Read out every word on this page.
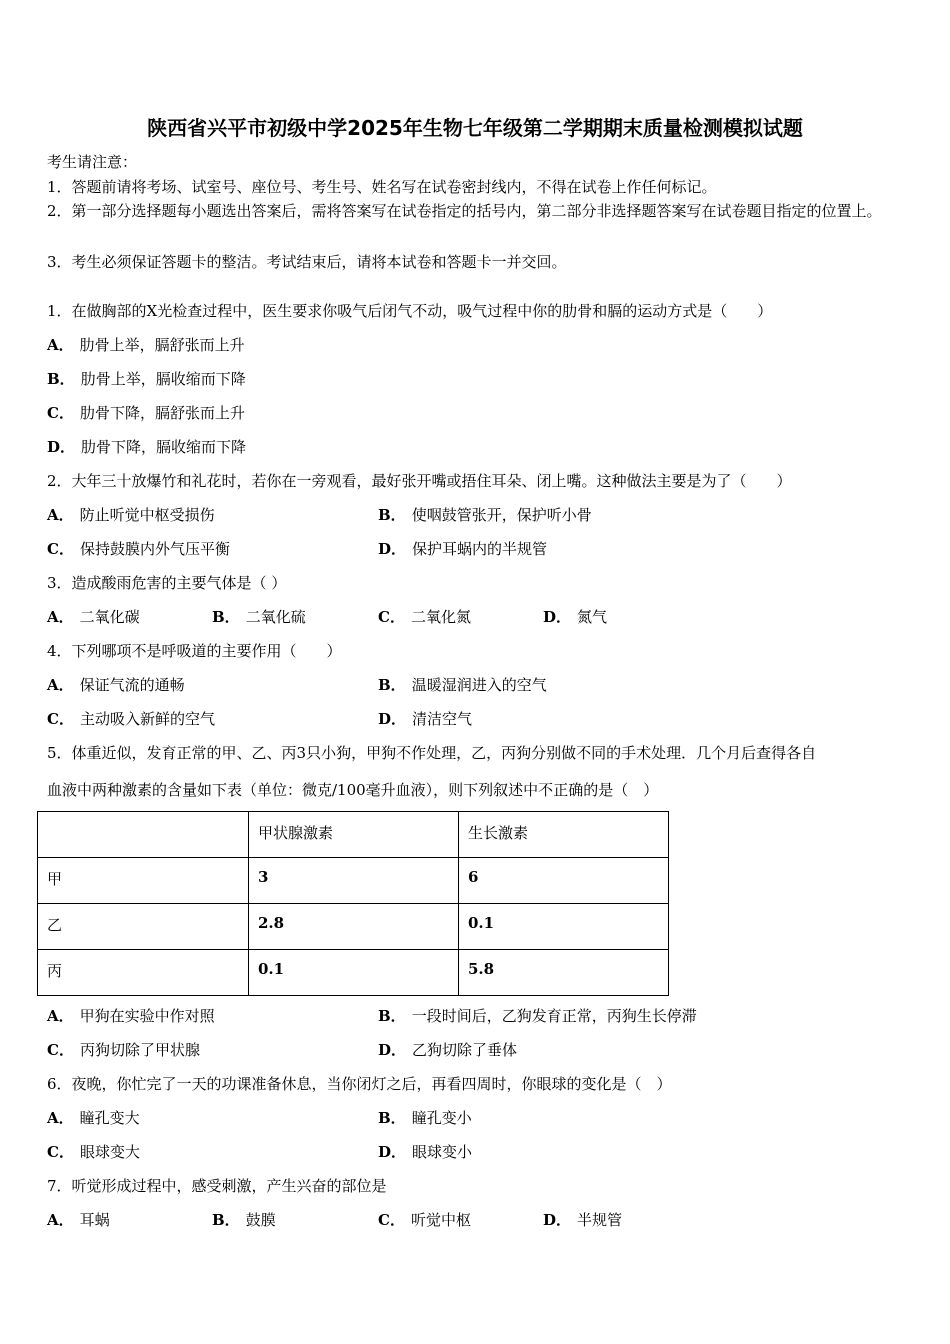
陕西省兴平市初级中学2025年生物七年级第二学期期末质量检测模拟试题
考生请注意：
1．答题前请将考场、试室号、座位号、考生号、姓名写在试卷密封线内，不得在试卷上作任何标记。
2．第一部分选择题每小题选出答案后，需将答案写在试卷指定的括号内，第二部分非选择题答案写在试卷题目指定的位置上。
3．考生必须保证答题卡的整洁。考试结束后，请将本试卷和答题卡一并交回。
1．在做胸部的X光检查过程中，医生要求你吸气后闭气不动，吸气过程中你的肋骨和膈的运动方式是（　　）
A． 肋骨上举，膈舒张而上升
B． 肋骨上举，膈收缩而下降
C． 肋骨下降，膈舒张而上升
D． 肋骨下降，膈收缩而下降
2．大年三十放爆竹和礼花时，若你在一旁观看，最好张开嘴或捂住耳朵、闭上嘴。这种做法主要是为了（　　）
A． 防止听觉中枢受损伤	B． 使咽鼓管张开，保护听小骨
C． 保持鼓膜内外气压平衡	D． 保护耳蜗内的半规管
3．造成酸雨危害的主要气体是（ ）
A． 二氧化碳	B． 二氧化硫	C． 二氧化氮	D． 氮气
4．下列哪项不是呼吸道的主要作用（　　）
A． 保证气流的通畅	B． 温暖湿润进入的空气
C． 主动吸入新鲜的空气	D． 清洁空气
5．体重近似，发育正常的甲、乙、丙3只小狗，甲狗不作处理，乙，丙狗分别做不同的手术处理．几个月后查得各自
血液中两种激素的含量如下表（单位：微克/100毫升血液），则下列叙述中不正确的是（　）
	甲状腺激素	生长激素
甲	3	6
乙	2.8	0.1
丙	0.1	5.8
A． 甲狗在实验中作对照	B． 一段时间后，乙狗发育正常，丙狗生长停滞
C． 丙狗切除了甲状腺	D． 乙狗切除了垂体
6．夜晚，你忙完了一天的功课准备休息，当你闭灯之后，再看四周时，你眼球的变化是（　）
A． 瞳孔变大	B． 瞳孔变小
C． 眼球变大	D． 眼球变小
7．听觉形成过程中，感受刺激，产生兴奋的部位是
A． 耳蜗	B． 鼓膜	C． 听觉中枢	D． 半规管
